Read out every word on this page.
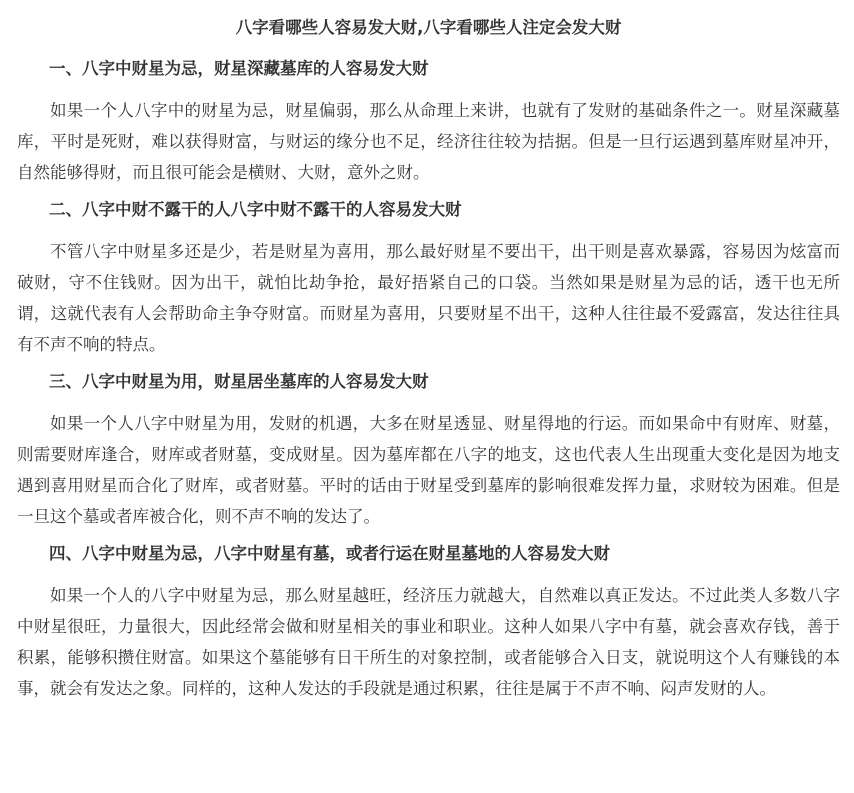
八字看哪些人容易发大财,八字看哪些人注定会发大财
一、八字中财星为忌，财星深藏墓库的人容易发大财

如果一个人八字中的财星为忌，财星偏弱，那么从命理上来讲，也就有了发财的基础条件之一。财星深藏墓库，平时是死财，难以获得财富，与财运的缘分也不足，经济往往较为拮据。但是一旦行运遇到墓库财星冲开，自然能够得财，而且很可能会是横财、大财，意外之财。

二、八字中财不露干的人八字中财不露干的人容易发大财

不管八字中财星多还是少，若是财星为喜用，那么最好财星不要出干，出干则是喜欢暴露，容易因为炫富而破财，守不住钱财。因为出干，就怕比劫争抢，最好捂紧自己的口袋。当然如果是财星为忌的话，透干也无所谓，这就代表有人会帮助命主争夺财富。而财星为喜用，只要财星不出干，这种人往往最不爱露富，发达往往具有不声不响的特点。

三、八字中财星为用，财星居坐墓库的人容易发大财

如果一个人八字中财星为用，发财的机遇，大多在财星透显、财星得地的行运。而如果命中有财库、财墓，则需要财库逢合，财库或者财墓，变成财星。因为墓库都在八字的地支，这也代表人生出现重大变化是因为地支遇到喜用财星而合化了财库，或者财墓。平时的话由于财星受到墓库的影响很难发挥力量，求财较为困难。但是一旦这个墓或者库被合化，则不声不响的发达了。

四、八字中财星为忌，八字中财星有墓，或者行运在财星墓地的人容易发大财

如果一个人的八字中财星为忌，那么财星越旺，经济压力就越大，自然难以真正发达。不过此类人多数八字中财星很旺，力量很大，因此经常会做和财星相关的事业和职业。这种人如果八字中有墓，就会喜欢存钱，善于积累，能够积攒住财富。如果这个墓能够有日干所生的对象控制，或者能够合入日支，就说明这个人有赚钱的本事，就会有发达之象。同样的，这种人发达的手段就是通过积累，往往是属于不声不响、闷声发财的人。
